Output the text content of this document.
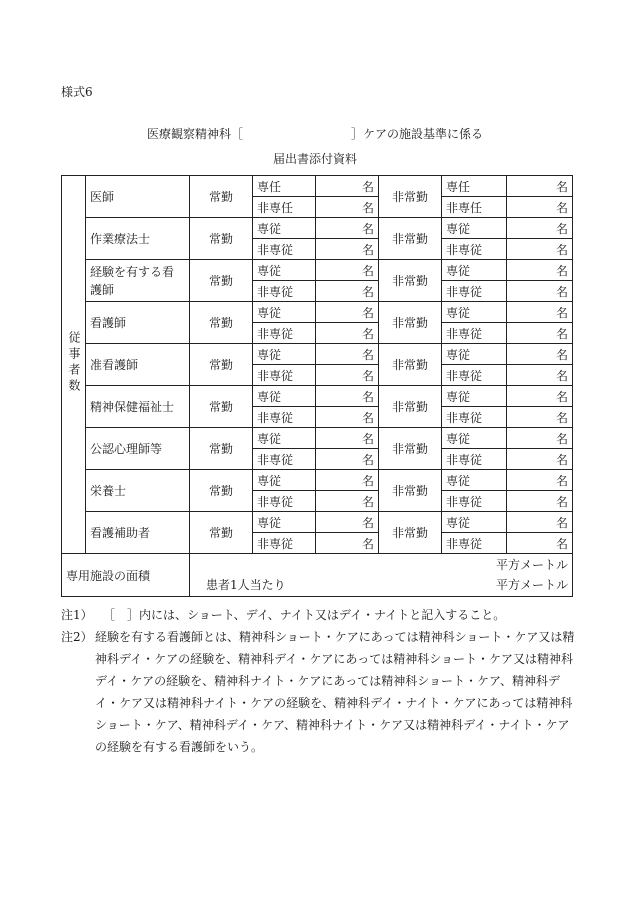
様式6
医療観察精神科［　　　　　　　　　］ケアの施設基準に係る
届出書添付資料
従事者数	医師	常勤	専任	名	非常勤	専任	名
			非専任	名		非専任	名
	作業療法士	常勤	専従	名	非常勤	専従	名
			非専従	名		非専従	名
	経験を有する看護師	常勤	専従	名	非常勤	専従	名
			非専従	名		非専従	名
	看護師	常勤	専従	名	非常勤	専従	名
			非専従	名		非専従	名
	准看護師	常勤	専従	名	非常勤	専従	名
			非専従	名		非専従	名
	精神保健福祉士	常勤	専従	名	非常勤	専従	名
			非専従	名		非専従	名
	公認心理師等	常勤	専従	名	非常勤	専従	名
			非専従	名		非専従	名
	栄養士	常勤	専従	名	非常勤	専従	名
			非専従	名		非専従	名
	看護補助者	常勤	専従	名	非常勤	専従	名
			非専従	名		非専従	名
専用施設の面積		平方メートル
患者1人当たり 平方メートル					
注1） ［　］内には、ショート、デイ、ナイト又はデイ・ナイトと記入すること。
注2） 経験を有する看護師とは、精神科ショート・ケアにあっては精神科ショート・ケア又は精神科デイ・ケアの経験を、精神科デイ・ケアにあっては精神科ショート・ケア又は精神科デイ・ケアの経験を、精神科ナイト・ケアにあっては精神科ショート・ケア、精神科デイ・ケア又は精神科ナイト・ケアの経験を、精神科デイ・ナイト・ケアにあっては精神科ショート・ケア、精神科デイ・ケア、精神科ナイト・ケア又は精神科デイ・ナイト・ケアの経験を有する看護師をいう。
